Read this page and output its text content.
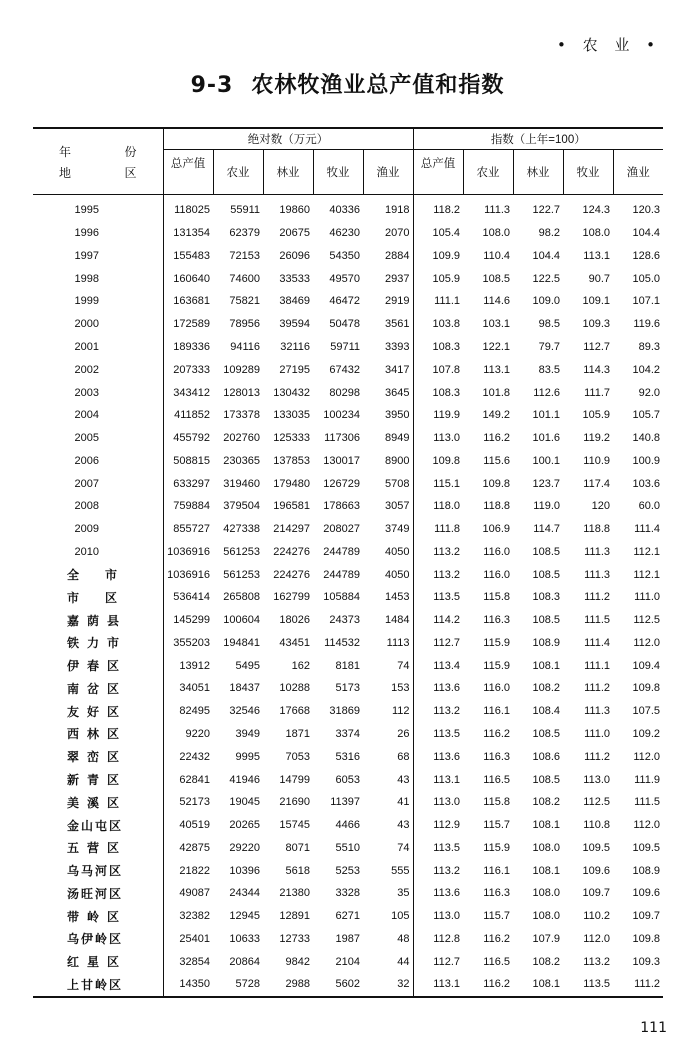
• 农 业 •
9-3 农林牧渔业总产值和指数
年 份
地 区	绝对数（万元）					指数（上年=100）				
	总产值	农业	林业	牧业	渔业	总产值	农业	林业	牧业	渔业
1995	118025	55911	19860	40336	1918	118.2	111.3	122.7	124.3	120.3
1996	131354	62379	20675	46230	2070	105.4	108.0	98.2	108.0	104.4
1997	155483	72153	26096	54350	2884	109.9	110.4	104.4	113.1	128.6
1998	160640	74600	33533	49570	2937	105.9	108.5	122.5	90.7	105.0
1999	163681	75821	38469	46472	2919	111.1	114.6	109.0	109.1	107.1
2000	172589	78956	39594	50478	3561	103.8	103.1	98.5	109.3	119.6
2001	189336	94116	32116	59711	3393	108.3	122.1	79.7	112.7	89.3
2002	207333	109289	27195	67432	3417	107.8	113.1	83.5	114.3	104.2
2003	343412	128013	130432	80298	3645	108.3	101.8	112.6	111.7	92.0
2004	411852	173378	133035	100234	3950	119.9	149.2	101.1	105.9	105.7
2005	455792	202760	125333	117306	8949	113.0	116.2	101.6	119.2	140.8
2006	508815	230365	137853	130017	8900	109.8	115.6	100.1	110.9	100.9
2007	633297	319460	179480	126729	5708	115.1	109.8	123.7	117.4	103.6
2008	759884	379504	196581	178663	3057	118.0	118.8	119.0	120	60.0
2009	855727	427338	214297	208027	3749	111.8	106.9	114.7	118.8	111.4
2010	1036916	561253	224276	244789	4050	113.2	116.0	108.5	111.3	112.1
全市	1036916	561253	224276	244789	4050	113.2	116.0	108.5	111.3	112.1
市区	536414	265808	162799	105884	1453	113.5	115.8	108.3	111.2	111.0
嘉荫县	145299	100604	18026	24373	1484	114.2	116.3	108.5	111.5	112.5
铁力市	355203	194841	43451	114532	1113	112.7	115.9	108.9	111.4	112.0
伊春区	13912	5495	162	8181	74	113.4	115.9	108.1	111.1	109.4
南岔区	34051	18437	10288	5173	153	113.6	116.0	108.2	111.2	109.8
友好区	82495	32546	17668	31869	112	113.2	116.1	108.4	111.3	107.5
西林区	9220	3949	1871	3374	26	113.5	116.2	108.5	111.0	109.2
翠峦区	22432	9995	7053	5316	68	113.6	116.3	108.6	111.2	112.0
新青区	62841	41946	14799	6053	43	113.1	116.5	108.5	113.0	111.9
美溪区	52173	19045	21690	11397	41	113.0	115.8	108.2	112.5	111.5
金山屯区	40519	20265	15745	4466	43	112.9	115.7	108.1	110.8	112.0
五营区	42875	29220	8071	5510	74	113.5	115.9	108.0	109.5	109.5
乌马河区	21822	10396	5618	5253	555	113.2	116.1	108.1	109.6	108.9
汤旺河区	49087	24344	21380	3328	35	113.6	116.3	108.0	109.7	109.6
带岭区	32382	12945	12891	6271	105	113.0	115.7	108.0	110.2	109.7
乌伊岭区	25401	10633	12733	1987	48	112.8	116.2	107.9	112.0	109.8
红星区	32854	20864	9842	2104	44	112.7	116.5	108.2	113.2	109.3
上甘岭区	14350	5728	2988	5602	32	113.1	116.2	108.1	113.5	111.2
111
